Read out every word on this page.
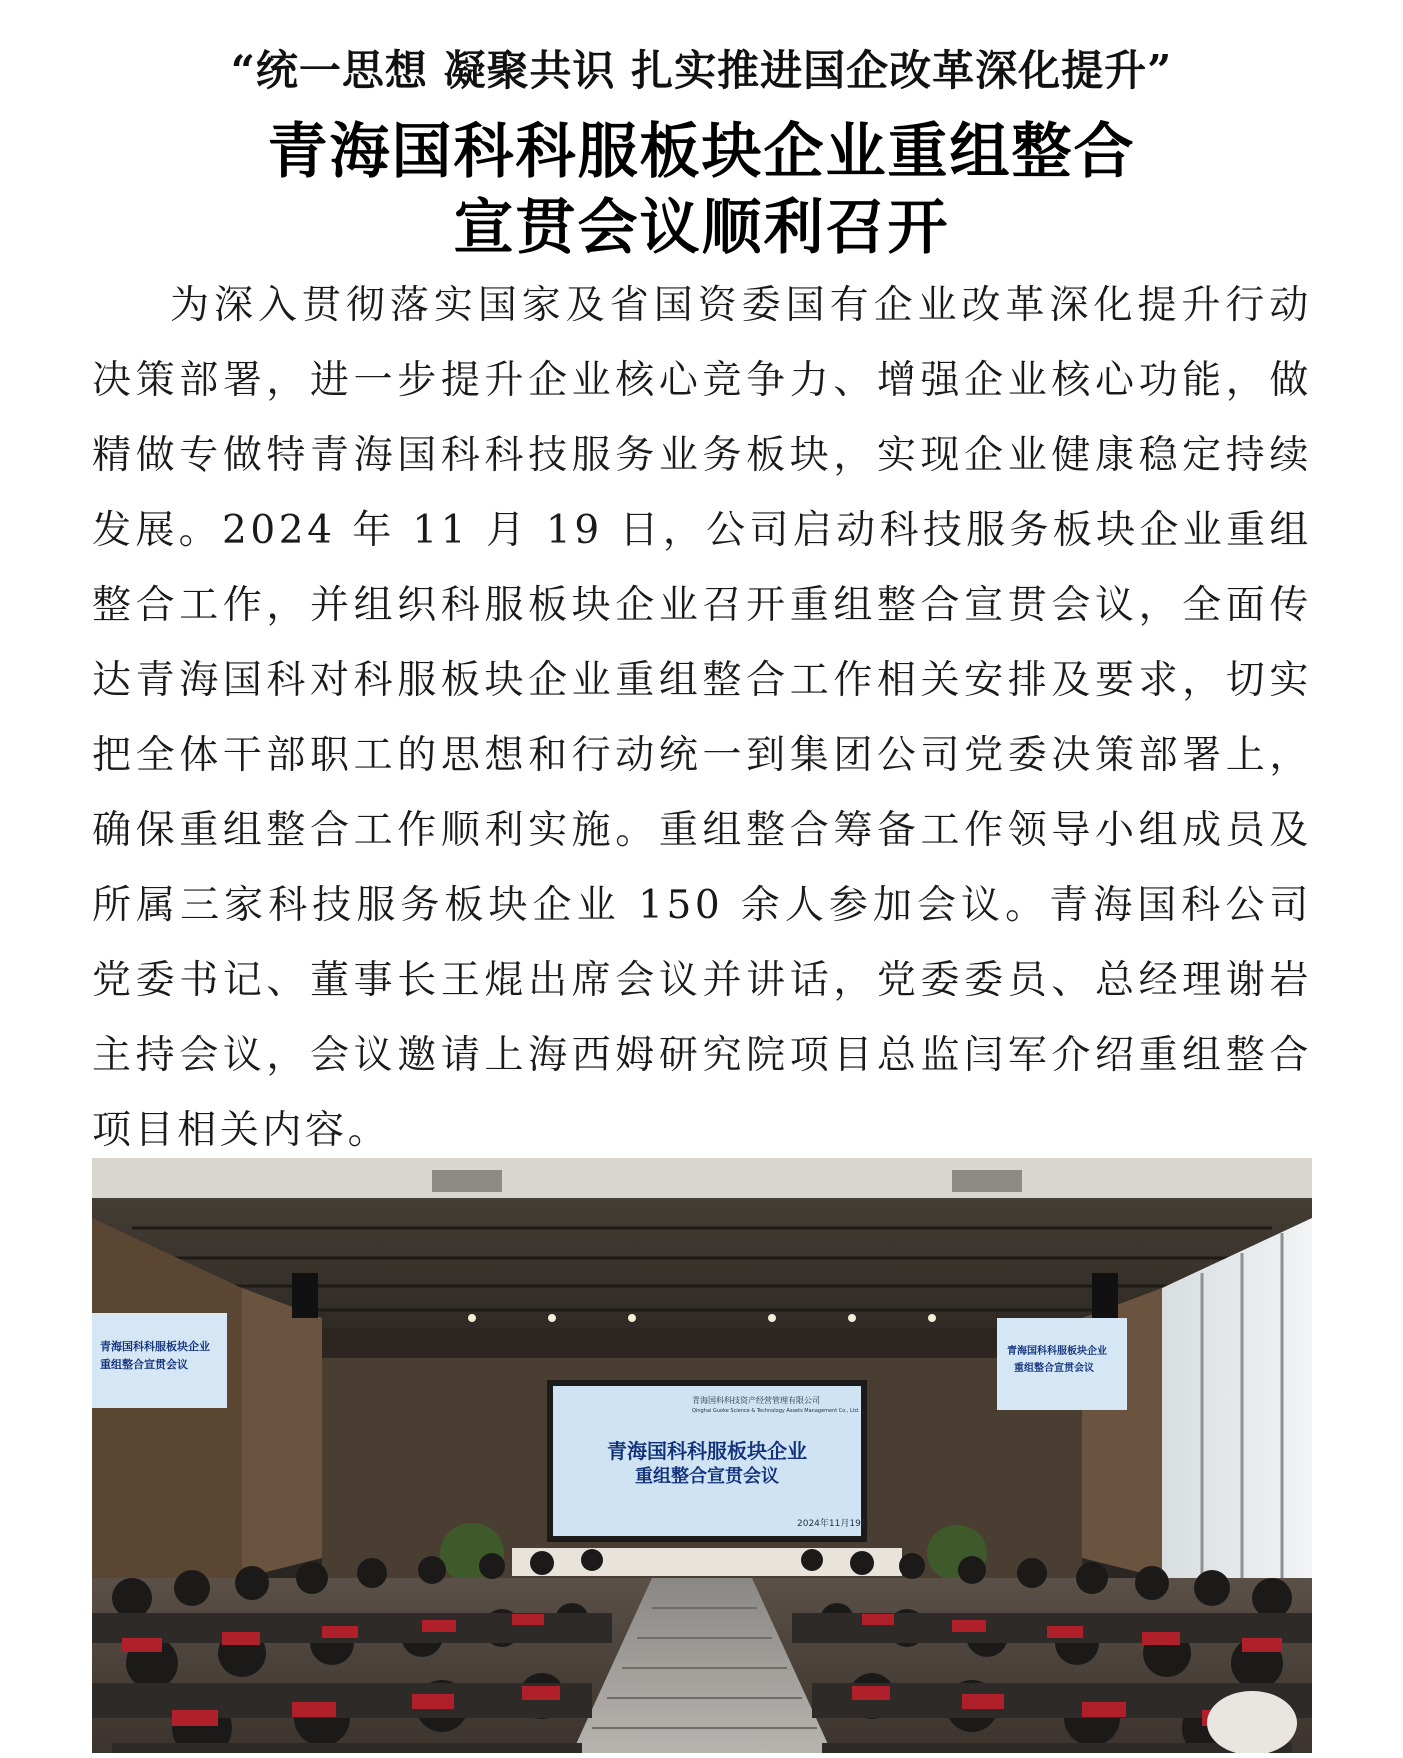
“统一思想 凝聚共识 扎实推进国企改革深化提升”
青海国科科服板块企业重组整合
宣贯会议顺利召开
为深入贯彻落实国家及省国资委国有企业改革深化提升行动决策部署，进一步提升企业核心竞争力、增强企业核心功能，做精做专做特青海国科科技服务业务板块，实现企业健康稳定持续发展。2024 年 11 月 19 日，公司启动科技服务板块企业重组整合工作，并组织科服板块企业召开重组整合宣贯会议，全面传达青海国科对科服板块企业重组整合工作相关安排及要求，切实把全体干部职工的思想和行动统一到集团公司党委决策部署上，确保重组整合工作顺利实施。重组整合筹备工作领导小组成员及所属三家科技服务板块企业 150 余人参加会议。青海国科公司党委书记、董事长王焜出席会议并讲话，党委委员、总经理谢岩主持会议，会议邀请上海西姆研究院项目总监闫军介绍重组整合项目相关内容。
青海国科科技资产经营管理有限公司
Qinghai Guoke Science & Technology Assets Management Co., Ltd.
青海国科科服板块企业
重组整合宣贯会议
2024年11月19日
青海国科科服板块企业
重组整合宣贯会议
青海国科科服板块企业
重组整合宣贯会议
